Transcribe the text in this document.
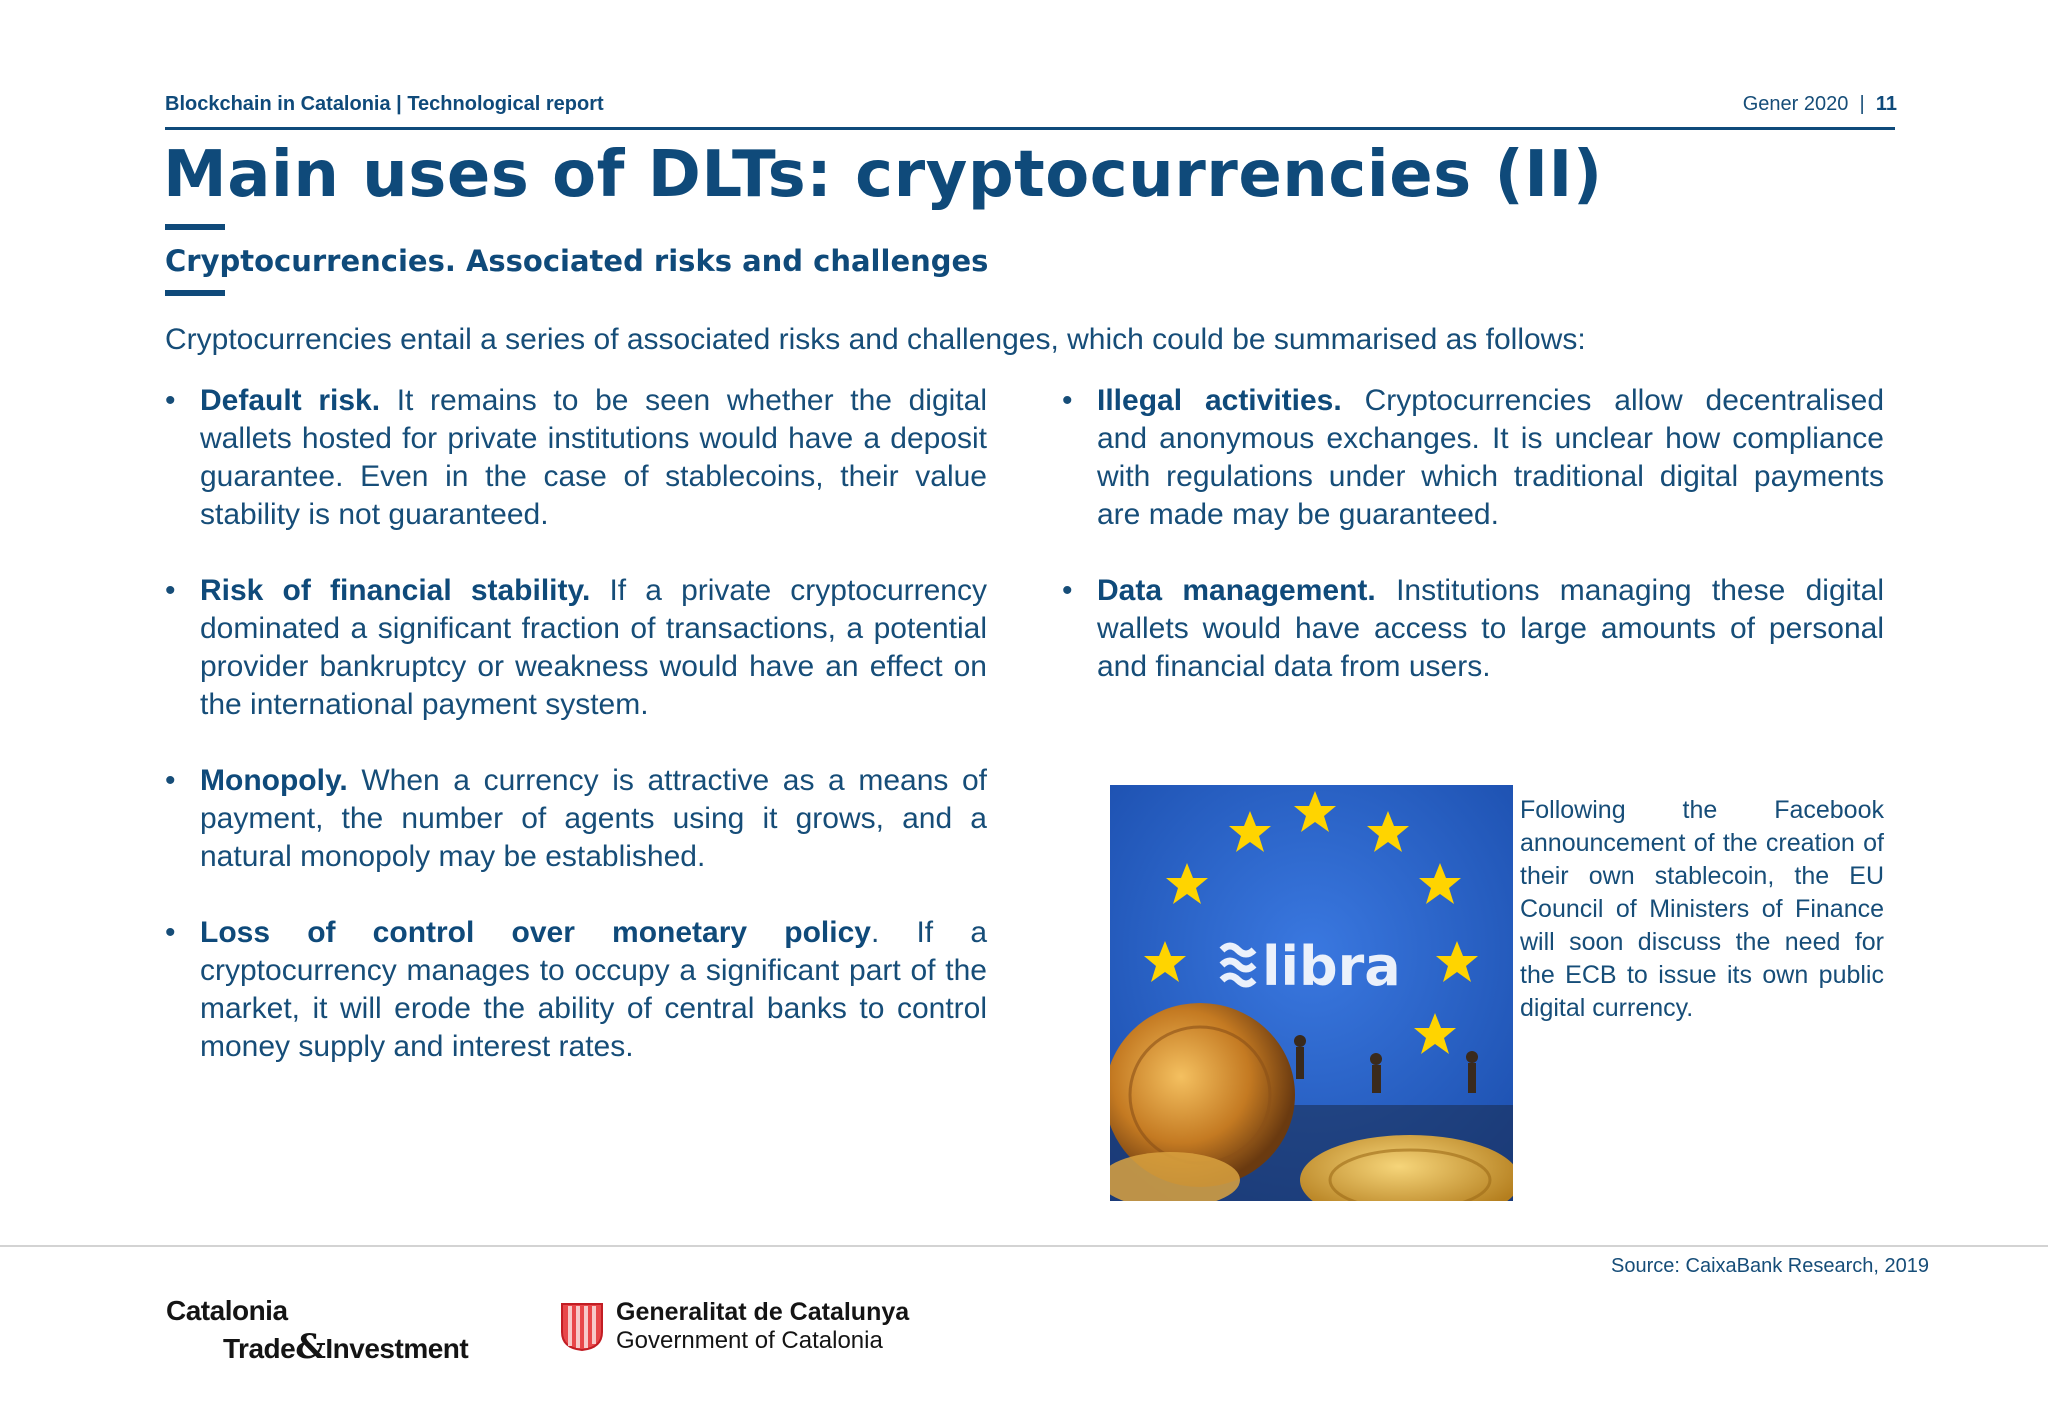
Blockchain in Catalonia | Technological report	Gener 2020 | 11
Main uses of DLTs: cryptocurrencies (II)
Cryptocurrencies. Associated risks and challenges
Cryptocurrencies entail a series of associated risks and challenges, which could be summarised as follows:
• Default risk. It remains to be seen whether the digital wallets hosted for private institutions would have a deposit guarantee. Even in the case of stablecoins, their value stability is not guaranteed.
• Risk of financial stability. If a private cryptocurrency dominated a significant fraction of transactions, a potential provider bankruptcy or weakness would have an effect on the international payment system.
• Monopoly. When a currency is attractive as a means of payment, the number of agents using it grows, and a natural monopoly may be established.
• Loss of control over monetary policy. If a cryptocurrency manages to occupy a significant part of the market, it will erode the ability of central banks to control money supply and interest rates.
• Illegal activities. Cryptocurrencies allow decentralised and anonymous exchanges. It is unclear how compliance with regulations under which traditional digital payments are made may be guaranteed.
• Data management. Institutions managing these digital wallets would have access to large amounts of personal and financial data from users.
libra
Following the Facebook announcement of the creation of their own stablecoin, the EU Council of Ministers of Finance will soon discuss the need for the ECB to issue its own public digital currency.
Source: CaixaBank Research, 2019
Catalonia
Trade&Investment
Generalitat de Catalunya
Government of Catalonia
